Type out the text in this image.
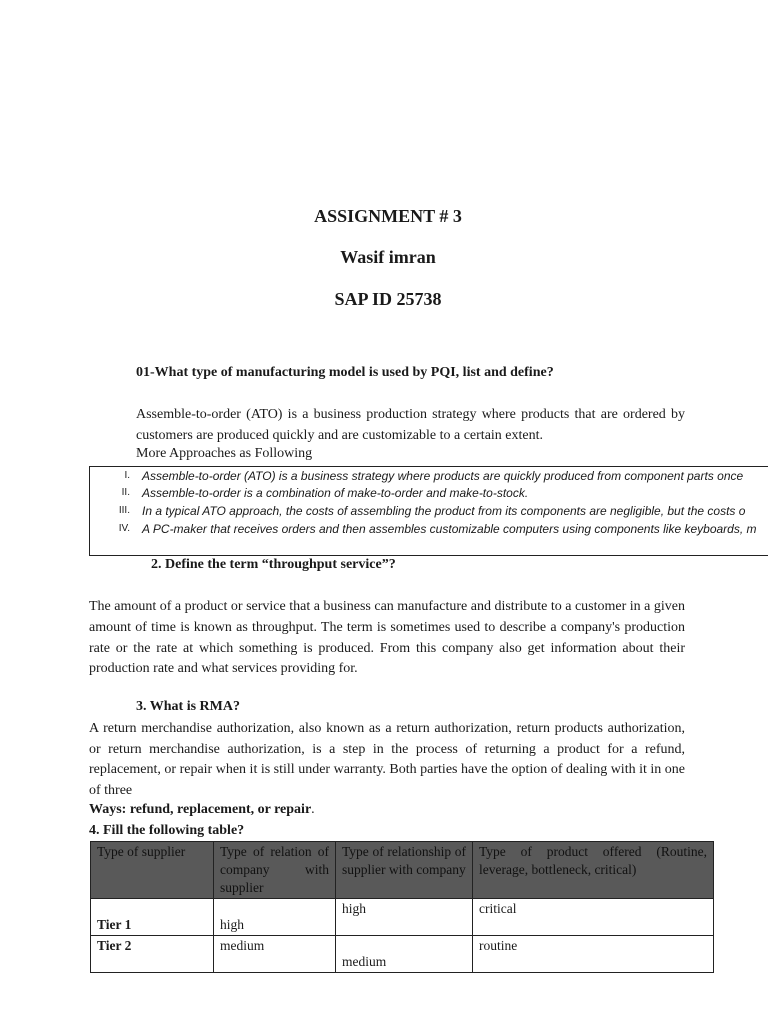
ASSIGNMENT # 3
Wasif imran
SAP ID 25738
01-What type of manufacturing model is used by PQI, list and define?
Assemble-to-order (ATO) is a business production strategy where products that are ordered by customers are produced quickly and are customizable to a certain extent.
More Approaches as Following
I. Assemble-to-order (ATO) is a business strategy where products are quickly produced from component parts once
II. Assemble-to-order is a combination of make-to-order and make-to-stock.
III. In a typical ATO approach, the costs of assembling the product from its components are negligible, but the costs o
IV. A PC-maker that receives orders and then assembles customizable computers using components like keyboards, m
2. Define the term “throughput service”?
The amount of a product or service that a business can manufacture and distribute to a customer in a given amount of time is known as throughput. The term is sometimes used to describe a company's production rate or the rate at which something is produced. From this company also get information about their production rate and what services providing for.
3. What is RMA?
A return merchandise authorization, also known as a return authorization, return products authorization, or return merchandise authorization, is a step in the process of returning a product for a refund, replacement, or repair when it is still under warranty. Both parties have the option of dealing with it in one of three
Ways: refund, replacement, or repair.
4. Fill the following table?
Type of supplier	Type of relation of company with supplier	Type of relationship of supplier with company	Type of product offered (Routine, leverage, bottleneck, critical)
Tier 1	high	high	critical
Tier 2	medium	medium	routine
